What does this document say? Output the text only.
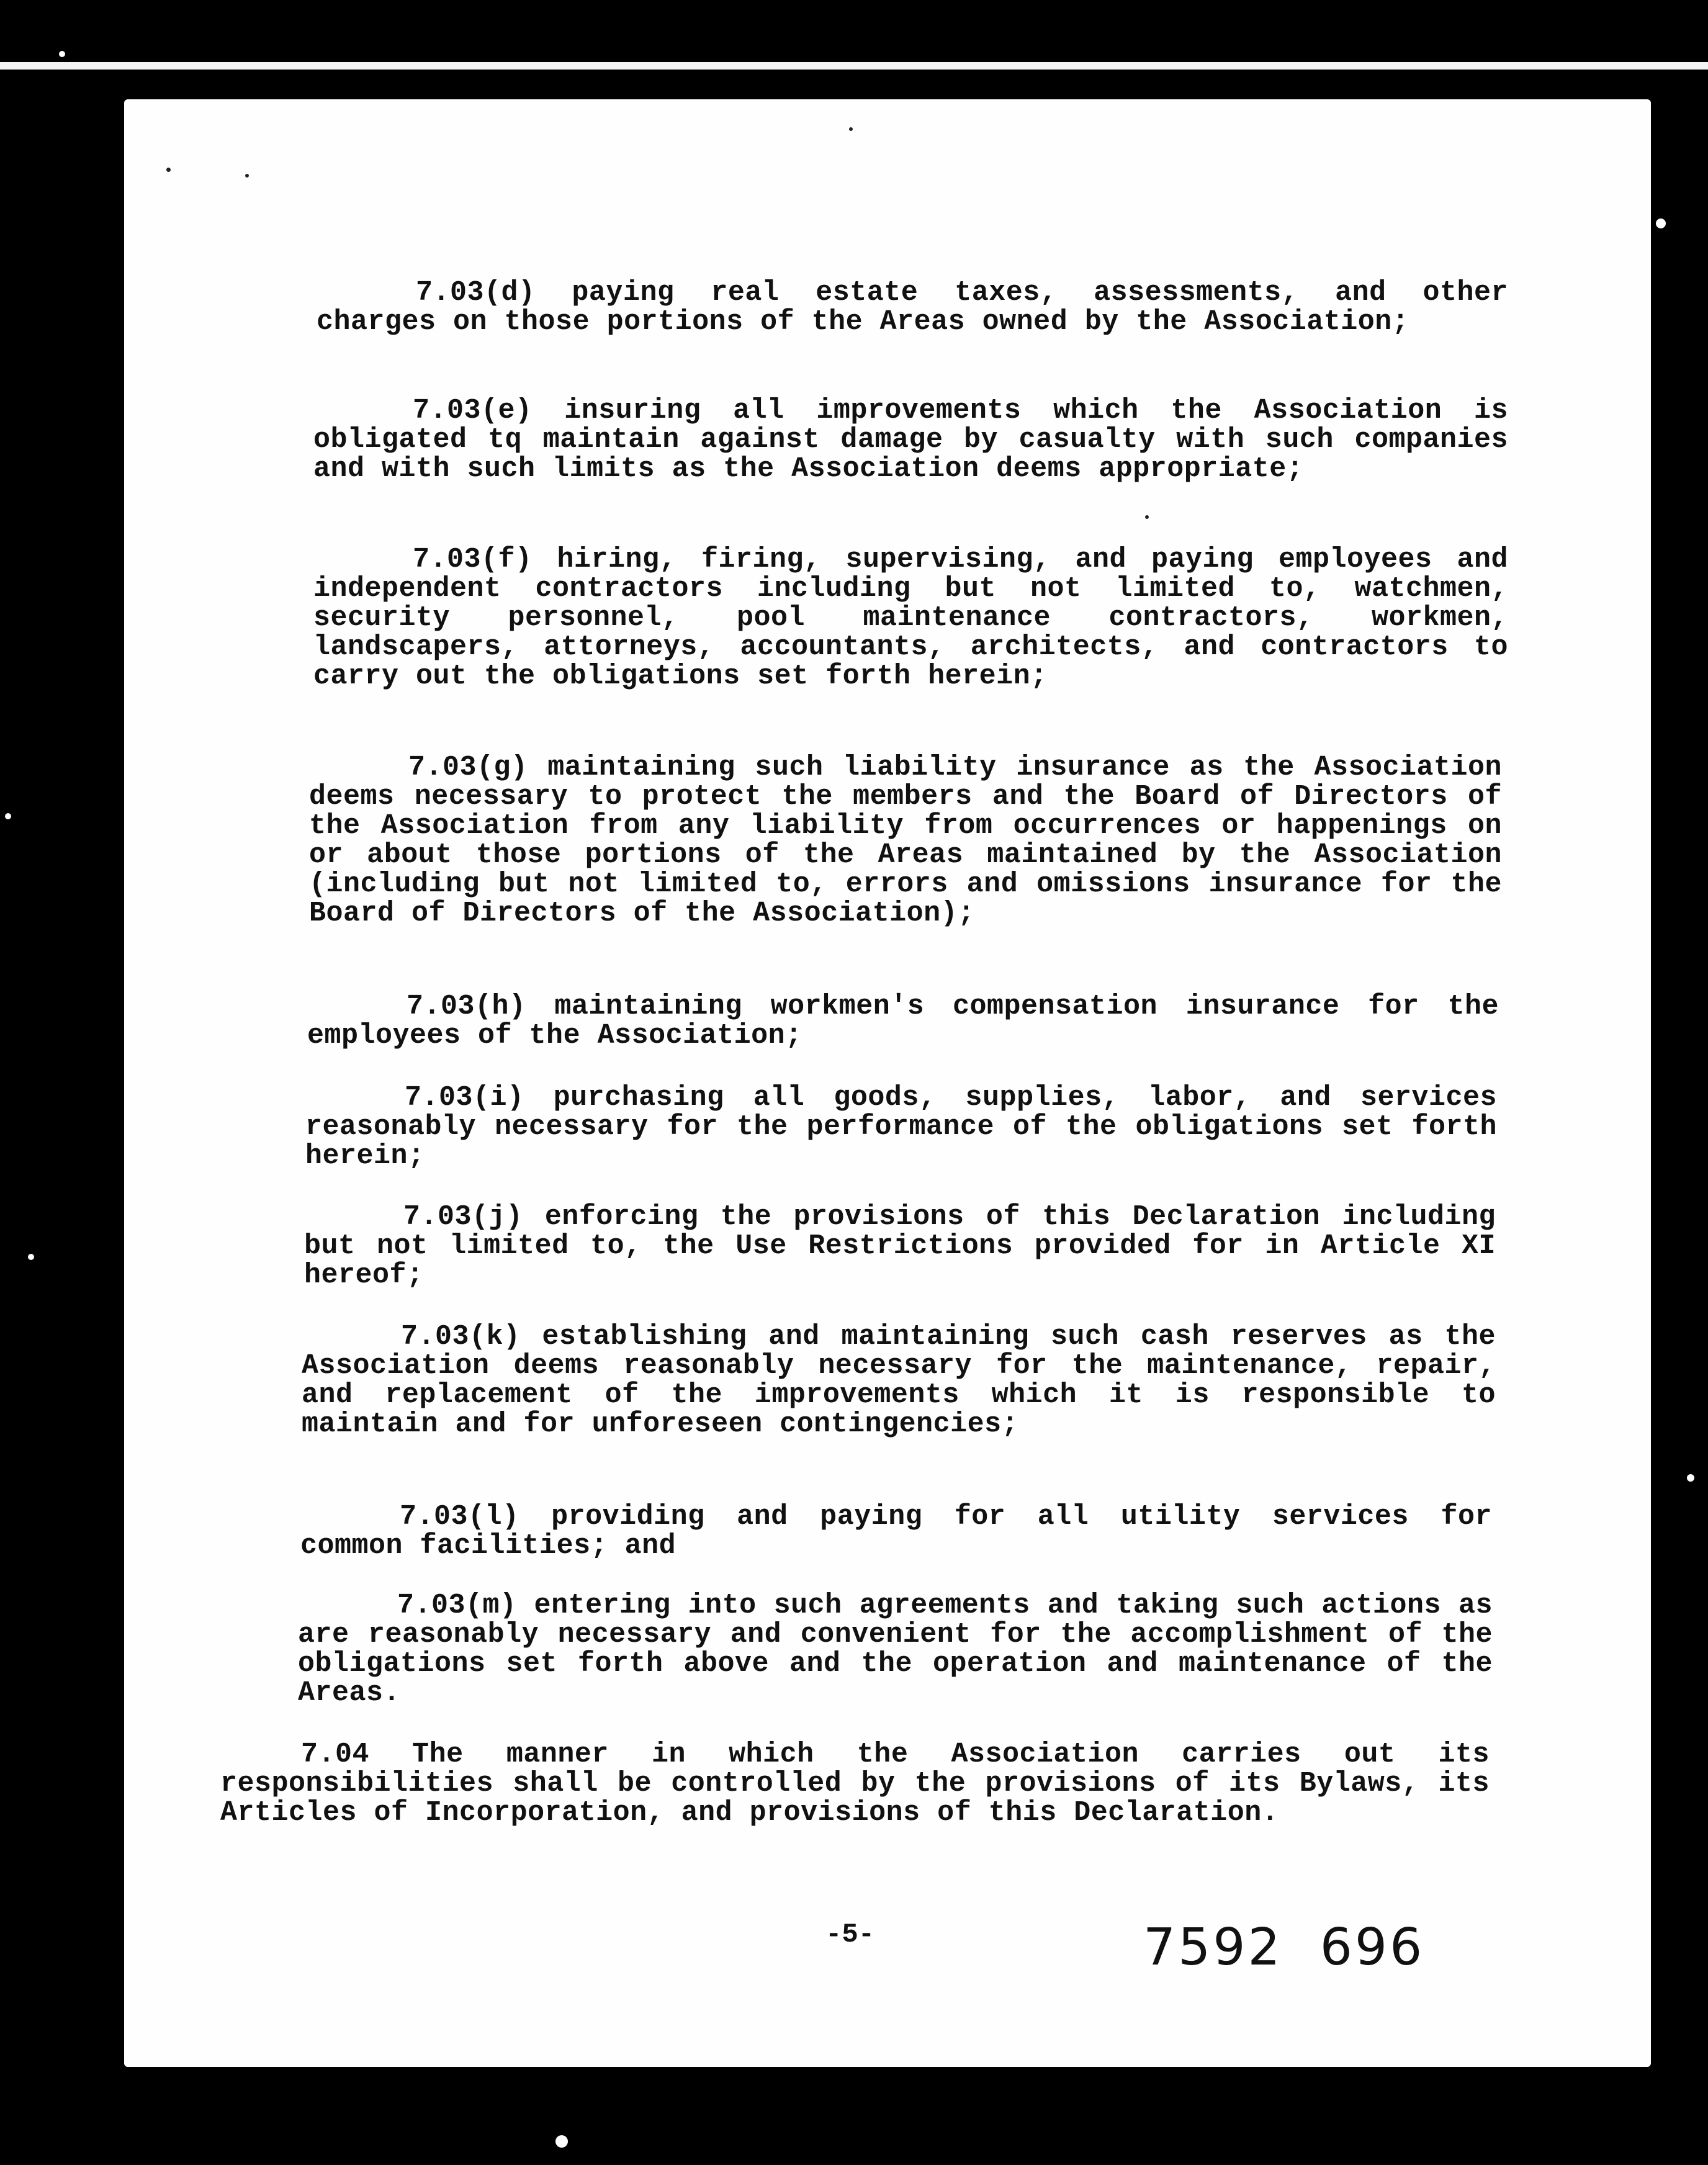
7.03(d) paying real estate taxes, assessments, and other charges on those portions of the Areas owned by the Association;

7.03(e) insuring all improvements which the Association is obligated tq maintain against damage by casualty with such companies and with such limits as the Association deems appropriate;

7.03(f) hiring, firing, supervising, and paying employees and independent contractors including but not limited to, watchmen, security personnel, pool maintenance contractors, workmen, landscapers, attorneys, accountants, architects, and contractors to carry out the obligations set forth herein;

7.03(g) maintaining such liability insurance as the Association deems necessary to protect the members and the Board of Directors of the Association from any liability from occurrences or happenings on or about those portions of the Areas maintained by the Association (including but not limited to, errors and omissions insurance for the Board of Directors of the Association);

7.03(h) maintaining workmen's compensation insurance for the employees of the Association;

7.03(i) purchasing all goods, supplies, labor, and services reasonably necessary for the performance of the obligations set forth herein;

7.03(j) enforcing the provisions of this Declaration including but not limited to, the Use Restrictions provided for in Article XI hereof;

7.03(k) establishing and maintaining such cash reserves as the Association deems reasonably necessary for the maintenance, repair, and replacement of the improvements which it is responsible to maintain and for unforeseen contingencies;

7.03(l) providing and paying for all utility services for common facilities; and

7.03(m) entering into such agreements and taking such actions as are reasonably necessary and convenient for the accomplishment of the obligations set forth above and the operation and maintenance of the Areas.

7.04 The manner in which the Association carries out its responsibilities shall be controlled by the provisions of its Bylaws, its Articles of Incorporation, and provisions of this Declaration.

-5-	7592 696
